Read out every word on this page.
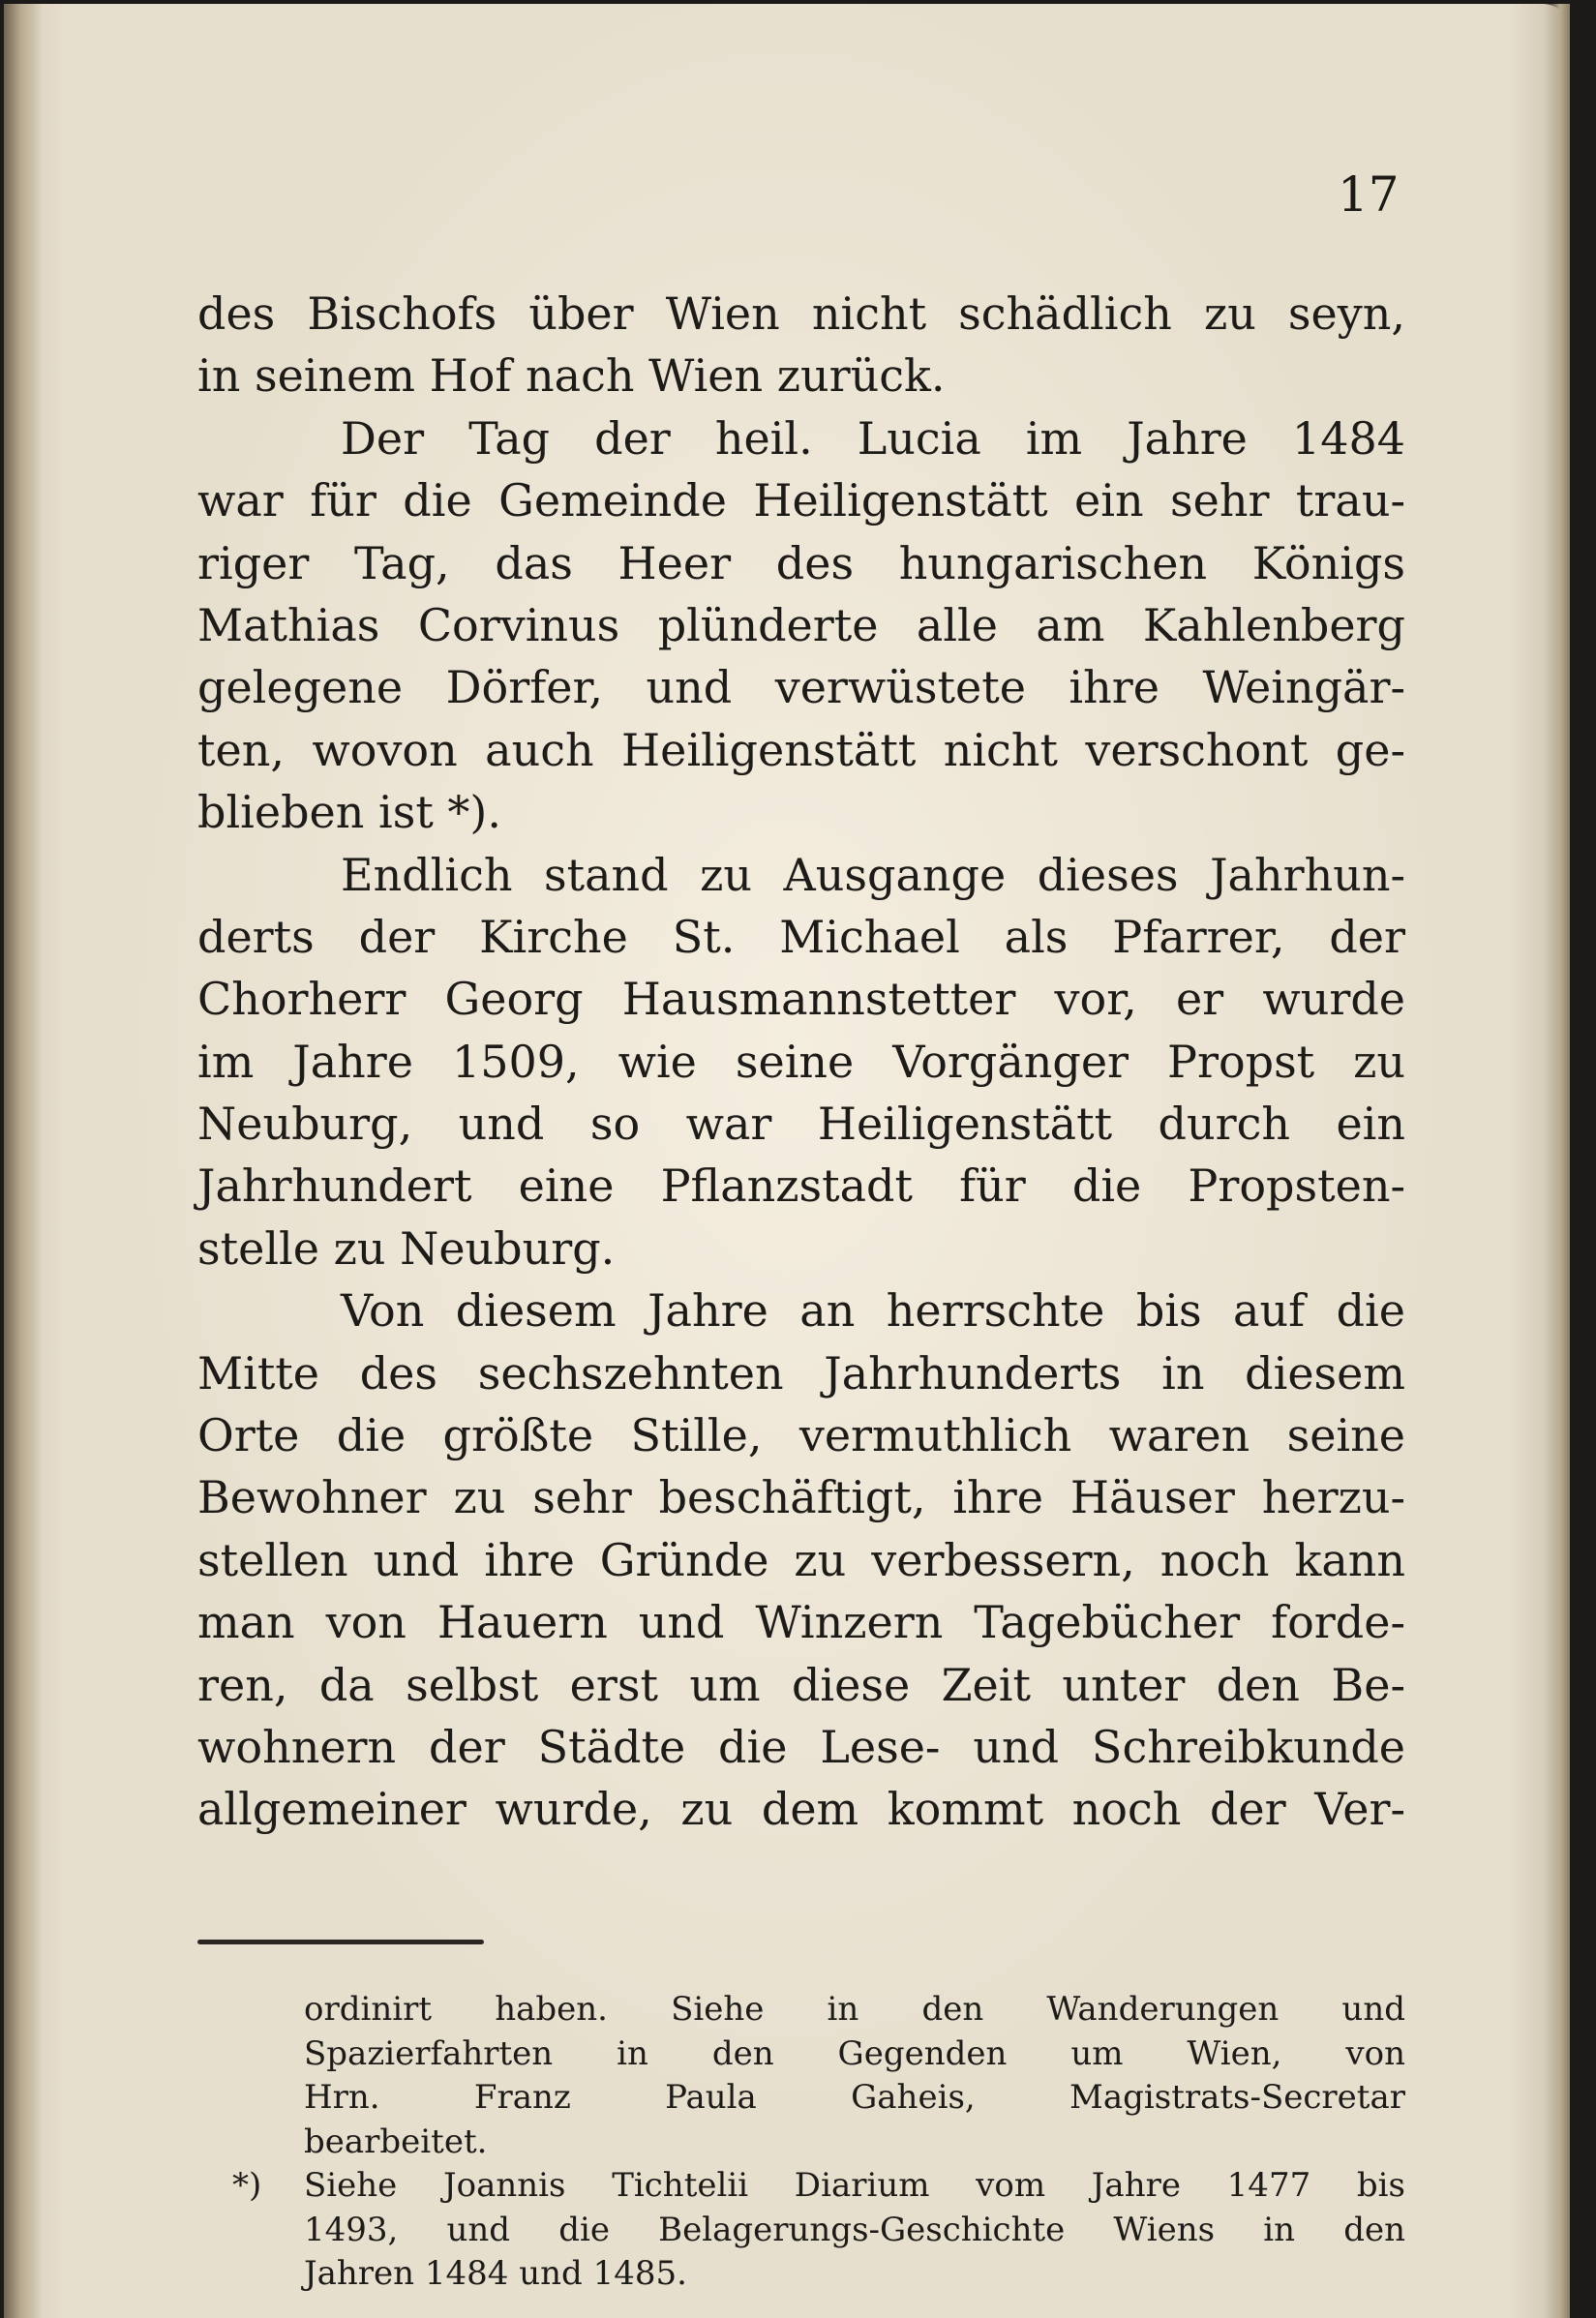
17
des Bischofs über Wien nicht schädlich zu seyn,
in seinem Hof nach Wien zurück.
Der Tag der heil. Lucia im Jahre 1484
war für die Gemeinde Heiligenstätt ein sehr trau-
riger Tag, das Heer des hungarischen Königs
Mathias Corvinus plünderte alle am Kahlenberg
gelegene Dörfer, und verwüstete ihre Weingär-
ten, wovon auch Heiligenstätt nicht verschont ge-
blieben ist *).
Endlich stand zu Ausgange dieses Jahrhun-
derts der Kirche St. Michael als Pfarrer, der
Chorherr Georg Hausmannstetter vor, er wurde
im Jahre 1509, wie seine Vorgänger Propst zu
Neuburg, und so war Heiligenstätt durch ein
Jahrhundert eine Pflanzstadt für die Propsten-
stelle zu Neuburg.
Von diesem Jahre an herrschte bis auf die
Mitte des sechszehnten Jahrhunderts in diesem
Orte die größte Stille, vermuthlich waren seine
Bewohner zu sehr beschäftigt, ihre Häuser herzu-
stellen und ihre Gründe zu verbessern, noch kann
man von Hauern und Winzern Tagebücher forde-
ren, da selbst erst um diese Zeit unter den Be-
wohnern der Städte die Lese- und Schreibkunde
allgemeiner wurde, zu dem kommt noch der Ver-
ordinirt haben. Siehe in den Wanderungen und
Spazierfahrten in den Gegenden um Wien, von
Hrn. Franz Paula Gaheis, Magistrats-Secretar
bearbeitet.
*) Siehe Joannis Tichtelii Diarium vom Jahre 1477 bis
1493, und die Belagerungs-Geschichte Wiens in den
Jahren 1484 und 1485.
